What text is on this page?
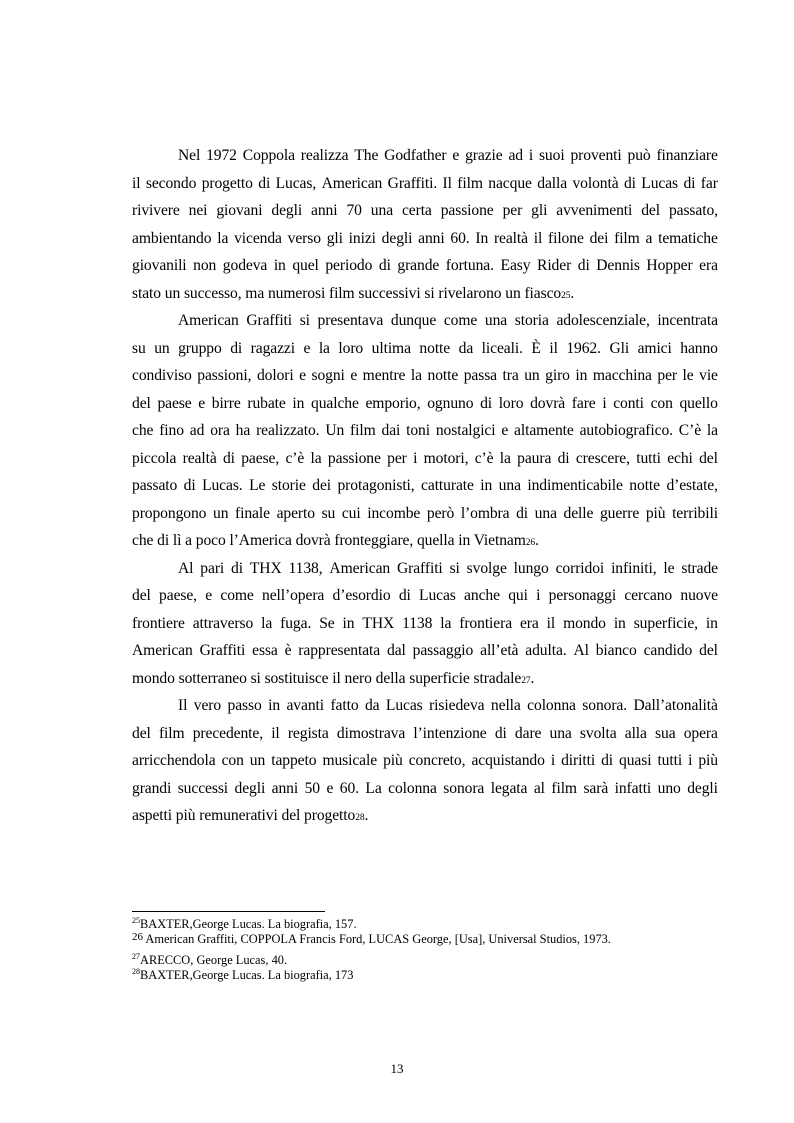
Nel 1972 Coppola realizza The Godfather e grazie ad i suoi proventi può finanziare
il secondo progetto di Lucas, American Graffiti. Il film nacque dalla volontà di Lucas di far
rivivere nei giovani degli anni 70 una certa passione per gli avvenimenti del passato,
ambientando la vicenda verso gli inizi degli anni 60. In realtà il filone dei film a tematiche
giovanili non godeva in quel periodo di grande fortuna. Easy Rider di Dennis Hopper era
stato un successo, ma numerosi film successivi si rivelarono un fiasco 25 .
American Graffiti si presentava dunque come una storia adolescenziale, incentrata
su un gruppo di ragazzi e la loro ultima notte da liceali. È il 1962. Gli amici hanno
condiviso passioni, dolori e sogni e mentre la notte passa tra un giro in macchina per le vie
del paese e birre rubate in qualche emporio, ognuno di loro dovrà fare i conti con quello
che fino ad ora ha realizzato. Un film dai toni nostalgici e altamente autobiografico. C’è la
piccola realtà di paese, c’è la passione per i motori, c’è la paura di crescere, tutti echi del
passato di Lucas. Le storie dei protagonisti, catturate in una indimenticabile notte d’estate,
propongono un finale aperto su cui incombe però l’ombra di una delle guerre più terribili
che di lì a poco l’America dovrà fronteggiare, quella in Vietnam 26 .
Al pari di THX 1138, American Graffiti si svolge lungo corridoi infiniti, le strade
del paese, e come nell’opera d’esordio di Lucas anche qui i personaggi cercano nuove
frontiere attraverso la fuga. Se in THX 1138 la frontiera era il mondo in superficie, in
American Graffiti essa è rappresentata dal passaggio all’età adulta. Al bianco candido del
mondo sotterraneo si sostituisce il nero della superficie stradale 27 .
Il vero passo in avanti fatto da Lucas risiedeva nella colonna sonora. Dall’atonalità
del film precedente, il regista dimostrava l’intenzione di dare una svolta alla sua opera
arricchendola con un tappeto musicale più concreto, acquistando i diritti di quasi tutti i più
grandi successi degli anni 50 e 60. La colonna sonora legata al film sarà infatti uno degli
aspetti più remunerativi del progetto 28 .
$^{25}$BAXTER,George Lucas. La biografia, 157.
$^{26}$ American Graffiti, COPPOLA Francis Ford, LUCAS George, [Usa], Universal Studios, 1973.
$^{27}$ARECCO, George Lucas, 40.
$^{28}$BAXTER,George Lucas. La biografia, 173
13
